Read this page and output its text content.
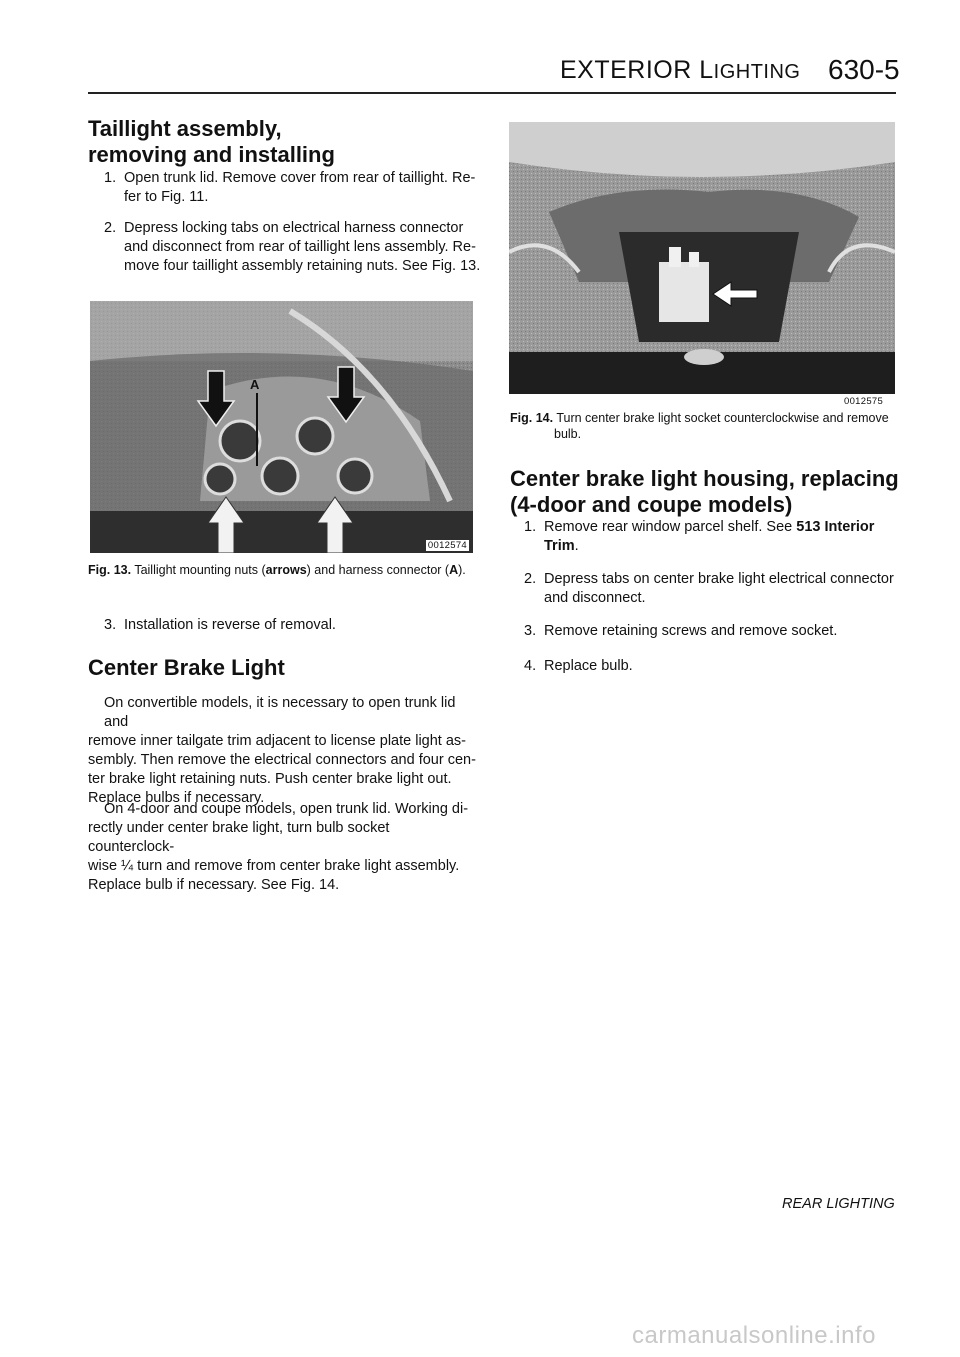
EXTERIOR LIGHTING 630-5
Taillight assembly,
removing and installing
1. Open trunk lid. Remove cover from rear of taillight. Re-
fer to Fig. 11.
2. Depress locking tabs on electrical harness connector
and disconnect from rear of taillight lens assembly. Re-
move four taillight assembly retaining nuts. See Fig. 13.
A
0012574
Fig. 13. Taillight mounting nuts (arrows) and harness connector (A).
3. Installation is reverse of removal.
Center Brake Light
On convertible models, it is necessary to open trunk lid and
remove inner tailgate trim adjacent to license plate light as-
sembly. Then remove the electrical connectors and four cen-
ter brake light retaining nuts. Push center brake light out.
Replace bulbs if necessary.
On 4-door and coupe models, open trunk lid. Working di-
rectly under center brake light, turn bulb socket counterclock-
wise ¼ turn and remove from center brake light assembly.
Replace bulb if necessary. See Fig. 14.
0012575
Fig. 14. Turn center brake light socket counterclockwise and remove
bulb.
Center brake light housing, replacing
(4-door and coupe models)
1. Remove rear window parcel shelf. See 513 Interior
Trim.
2. Depress tabs on center brake light electrical connector
and disconnect.
3. Remove retaining screws and remove socket.
4. Replace bulb.
REAR LIGHTING
carmanualsonline.info
